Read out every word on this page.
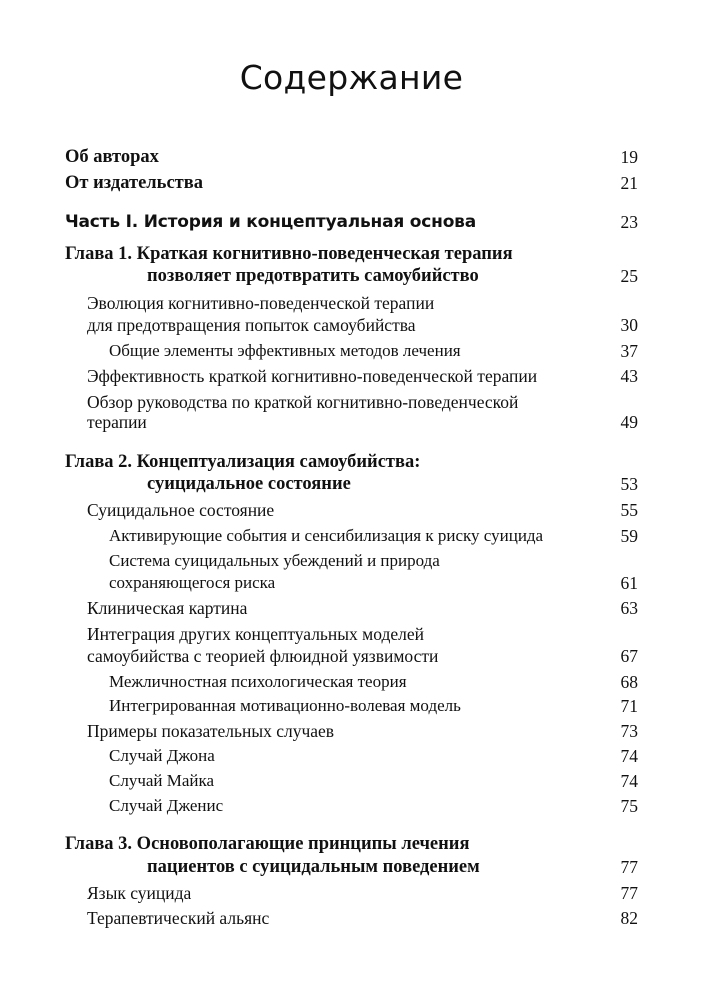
Содержание
Об авторах	19
От издательства	21
Часть I. История и концептуальная основа	23
Глава 1. Краткая когнитивно-поведенческая терапия
позволяет предотвратить самоубийство	25
Эволюция когнитивно-поведенческой терапии
для предотвращения попыток самоубийства	30
Общие элементы эффективных методов лечения	37
Эффективность краткой когнитивно-поведенческой терапии	43
Обзор руководства по краткой когнитивно-поведенческой
терапии	49
Глава 2. Концептуализация самоубийства:
суицидальное состояние	53
Суицидальное состояние	55
Активирующие события и сенсибилизация к риску суицида	59
Система суицидальных убеждений и природа
сохраняющегося риска	61
Клиническая картина	63
Интеграция других концептуальных моделей
самоубийства с теорией флюидной уязвимости	67
Межличностная психологическая теория	68
Интегрированная мотивационно-волевая модель	71
Примеры показательных случаев	73
Случай Джона	74
Случай Майка	74
Случай Дженис	75
Глава 3. Основополагающие принципы лечения
пациентов с суицидальным поведением	77
Язык суицида	77
Терапевтический альянс	82
